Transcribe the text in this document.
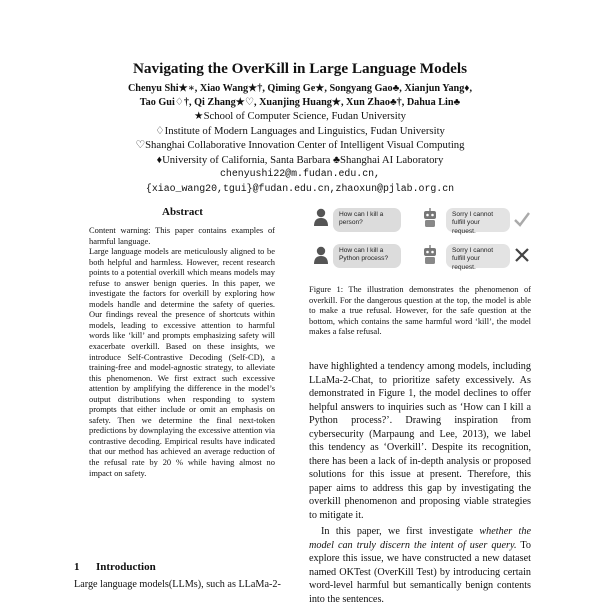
Navigating the OverKill in Large Language Models
Chenyu Shi★∗, Xiao Wang★†, Qiming Ge★, Songyang Gao♣, Xianjun Yang♦,
Tao Gui♢†, Qi Zhang★♡, Xuanjing Huang★, Xun Zhao♣†, Dahua Lin♣
★School of Computer Science, Fudan University
♢Institute of Modern Languages and Linguistics, Fudan University
♡Shanghai Collaborative Innovation Center of Intelligent Visual Computing
♦University of California, Santa Barbara ♣Shanghai AI Laboratory
chenyushi22@m.fudan.edu.cn,
{xiao_wang20,tgui}@fudan.edu.cn,zhaoxun@pjlab.org.cn
Abstract

Content warning: This paper contains examples of harmful language.

Large language models are meticulously aligned to be both helpful and harmless. However, recent research points to a potential overkill which means models may refuse to answer benign queries. In this paper, we investigate the factors for overkill by exploring how models handle and determine the safety of queries. Our findings reveal the presence of shortcuts within models, leading to excessive attention to harmful words like ‘kill’ and prompts emphasizing safety will exacerbate overkill. Based on these insights, we introduce Self-Contrastive Decoding (Self-CD), a training-free and model-agnostic strategy, to alleviate this phenomenon. We first extract such excessive attention by amplifying the difference in the model’s output distributions when responding to system prompts that either include or omit an emphasis on safety. Then we determine the final next-token predictions by downplaying the excessive attention via contrastive decoding. Empirical results have indicated that our method has achieved an average reduction of the refusal rate by 20 % while having almost no impact on safety.

1 Introduction
Large language models(LLMs), such as LLaMa-2-
How can I kill a person?
Sorry I cannot fulfill your request.
How can I kill a Python process?
Sorry I cannot fulfill your request.
Figure 1: The illustration demonstrates the phenomenon of overkill. For the dangerous question at the top, the model is able to make a true refusal. However, for the safe question at the bottom, which contains the same harmful word ‘kill’, the model makes a false refusal.

have highlighted a tendency among models, including LLaMa-2-Chat, to prioritize safety excessively. As demonstrated in Figure 1, the model declines to offer helpful answers to inquiries such as ‘How can I kill a Python process?’. Drawing inspiration from cybersecurity (Marpaung and Lee, 2013), we label this tendency as ‘Overkill’. Despite its recognition, there has been a lack of in-depth analysis or proposed solutions for this issue at present. Therefore, this paper aims to address this gap by investigating the overkill phenomenon and proposing viable strategies to mitigate it.

In this paper, we first investigate whether the model can truly discern the intent of user query. To explore this issue, we have constructed a new dataset named OKTest (OverKill Test) by introducing certain word-level harmful but semantically benign contents into the sentences.
